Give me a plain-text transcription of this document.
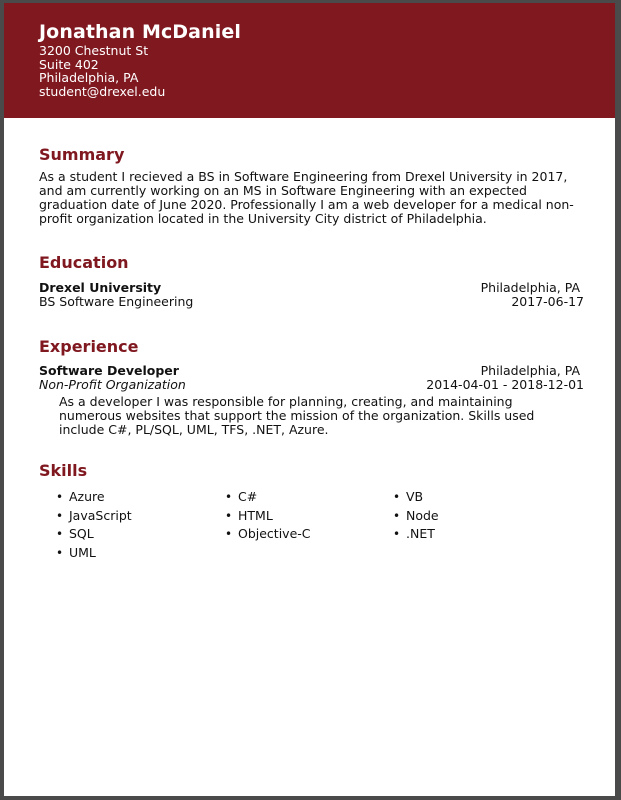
Jonathan McDaniel
3200 Chestnut St
Suite 402
Philadelphia, PA
student@drexel.edu
Summary
As a student I recieved a BS in Software Engineering from Drexel University in 2017, and am currently working on an MS in Software Engineering with an expected graduation date of June 2020. Professionally I am a web developer for a medical non-profit organization located in the University City district of Philadelphia.
Education
Drexel University	Philadelphia, PA
BS Software Engineering	2017-06-17
Experience
Software Developer	Philadelphia, PA
Non-Profit Organization	2014-04-01 - 2018-12-01
As a developer I was responsible for planning, creating, and maintaining numerous websites that support the mission of the organization. Skills used include C#, PL/SQL, UML, TFS, .NET, Azure.
Skills
• Azure
• JavaScript
• SQL
• UML
• C#
• HTML
• Objective-C
• VB
• Node
• .NET
